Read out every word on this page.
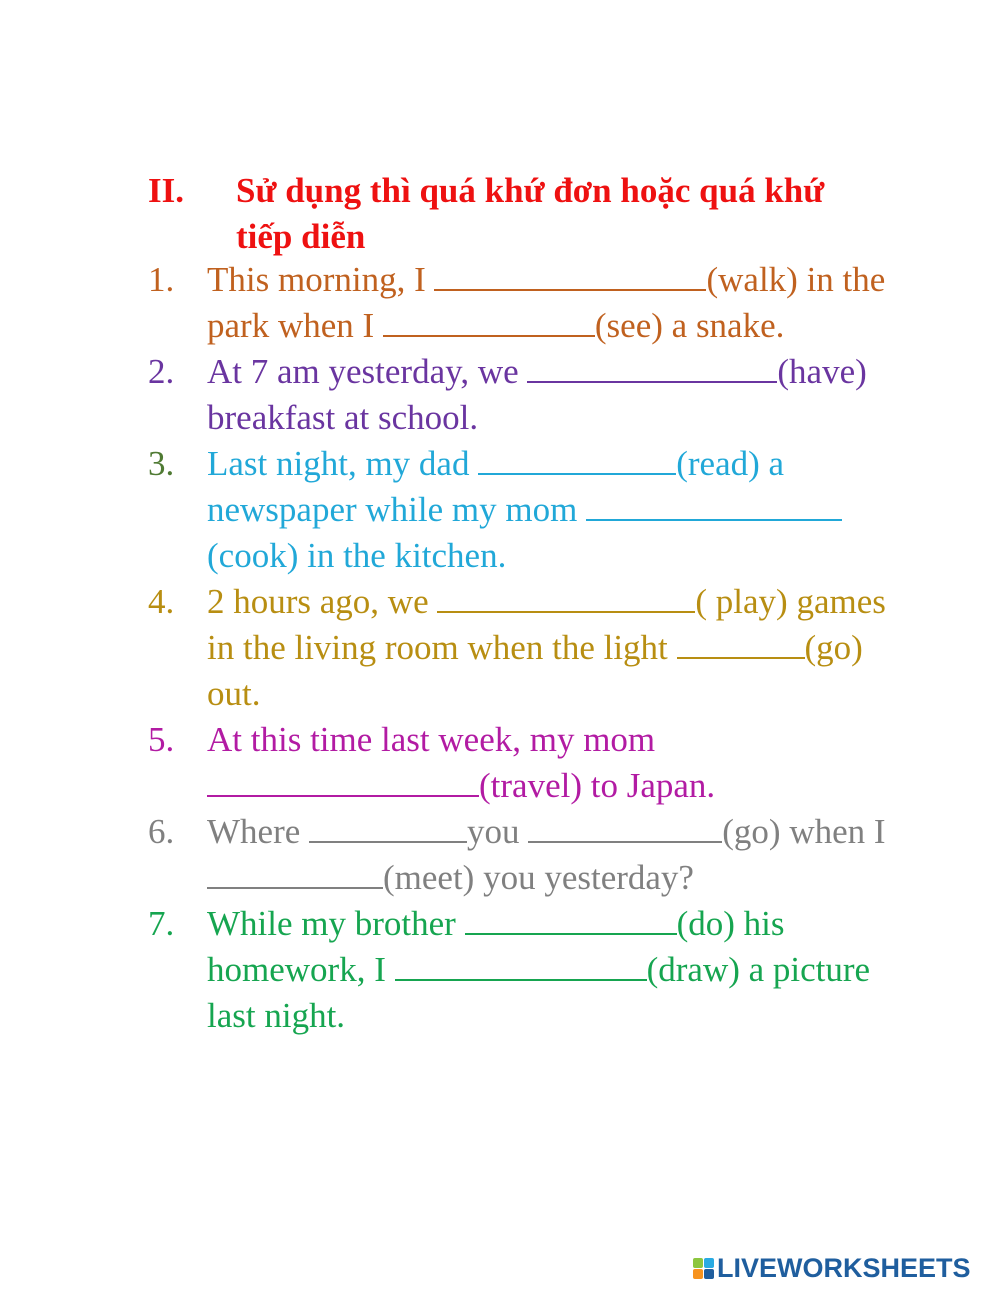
II. Sử dụng thì quá khứ đơn hoặc quá khứ tiếp diễn
1. This morning, I	(walk) in the park when I	(see) a snake.
2. At 7 am yesterday, we	(have) breakfast at school.
3. Last night, my dad	(read) a newspaper while my mom (cook) in the kitchen.
4. 2 hours ago, we	( play) games in the living room when the light	(go) out.
5. At this time last week, my mom (travel) to Japan.
6. Where	you	(go) when I (meet) you yesterday?
7. While my brother	(do) his homework, I	(draw) a picture last night.
LIVEWORKSHEETS
